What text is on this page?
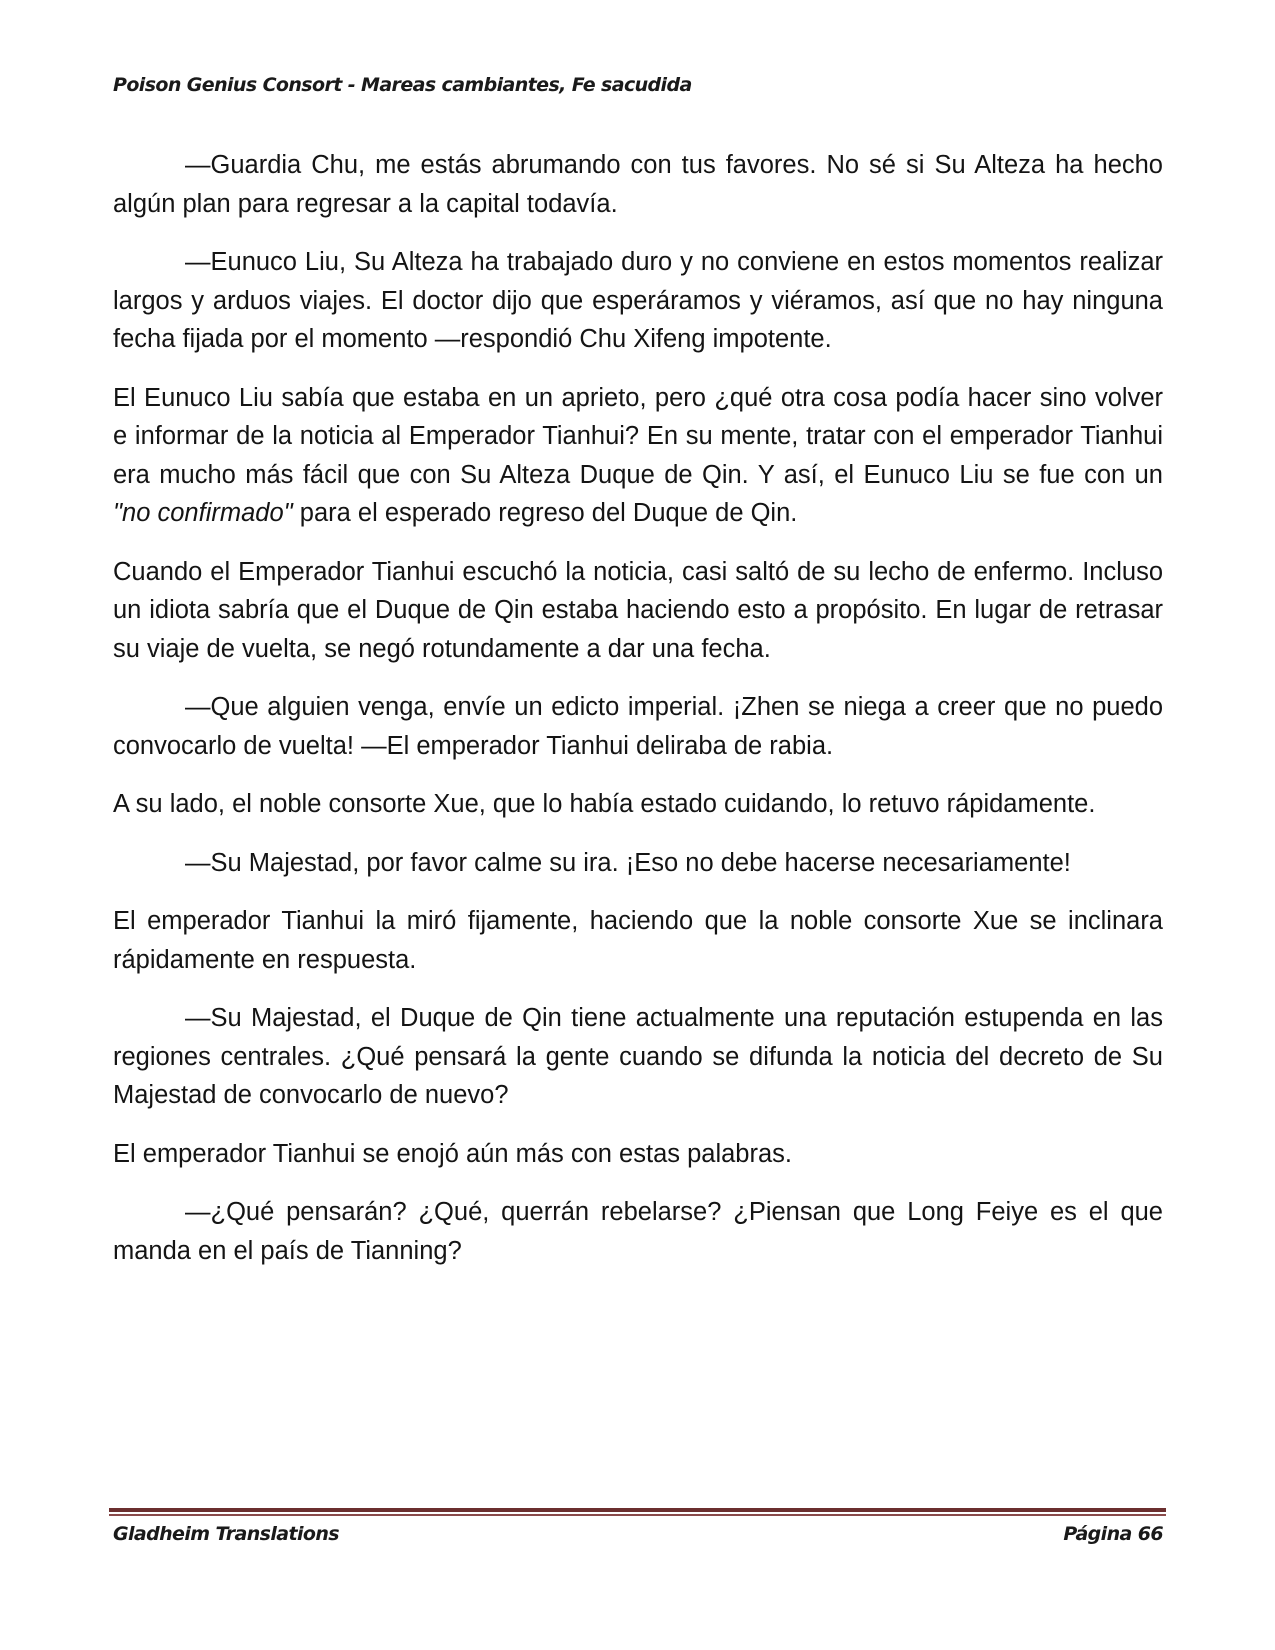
Poison Genius Consort - Mareas cambiantes, Fe sacudida

—Guardia Chu, me estás abrumando con tus favores. No sé si Su Alteza ha hecho algún plan para regresar a la capital todavía.

—Eunuco Liu, Su Alteza ha trabajado duro y no conviene en estos momentos realizar largos y arduos viajes. El doctor dijo que esperáramos y viéramos, así que no hay ninguna fecha fijada por el momento —respondió Chu Xifeng impotente.

El Eunuco Liu sabía que estaba en un aprieto, pero ¿qué otra cosa podía hacer sino volver e informar de la noticia al Emperador Tianhui? En su mente, tratar con el emperador Tianhui era mucho más fácil que con Su Alteza Duque de Qin. Y así, el Eunuco Liu se fue con un "no confirmado" para el esperado regreso del Duque de Qin.

Cuando el Emperador Tianhui escuchó la noticia, casi saltó de su lecho de enfermo. Incluso un idiota sabría que el Duque de Qin estaba haciendo esto a propósito. En lugar de retrasar su viaje de vuelta, se negó rotundamente a dar una fecha.

—Que alguien venga, envíe un edicto imperial. ¡Zhen se niega a creer que no puedo convocarlo de vuelta! —El emperador Tianhui deliraba de rabia.

A su lado, el noble consorte Xue, que lo había estado cuidando, lo retuvo rápidamente.

—Su Majestad, por favor calme su ira. ¡Eso no debe hacerse necesariamente!

El emperador Tianhui la miró fijamente, haciendo que la noble consorte Xue se inclinara rápidamente en respuesta.

—Su Majestad, el Duque de Qin tiene actualmente una reputación estupenda en las regiones centrales. ¿Qué pensará la gente cuando se difunda la noticia del decreto de Su Majestad de convocarlo de nuevo?

El emperador Tianhui se enojó aún más con estas palabras.

—¿Qué pensarán? ¿Qué, querrán rebelarse? ¿Piensan que Long Feiye es el que manda en el país de Tianning?

Gladheim Translations	Página 66
